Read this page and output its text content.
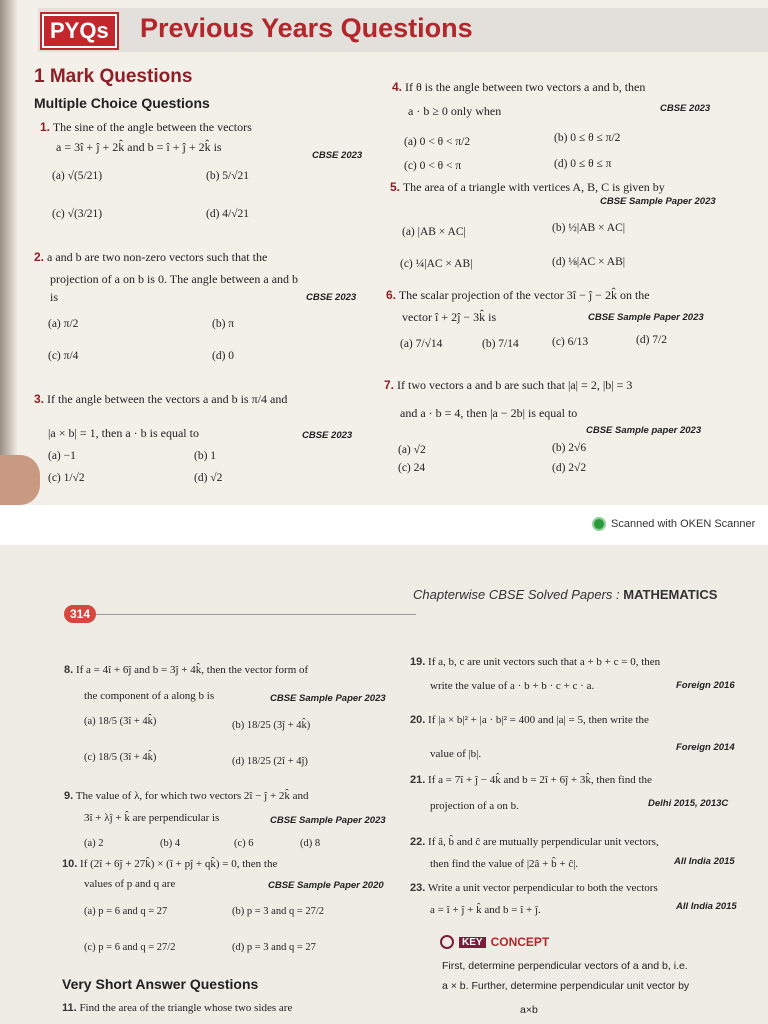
PYQs Previous Years Questions
1 Mark Questions
Multiple Choice Questions
1. The sine of the angle between the vectors
a = 3î + ĵ + 2k̂ and b = î + ĵ + 2k̂ is
CBSE 2023
(a) √(5/21)	(b) 5/√21
(c) √(3/21)	(d) 4/√21
2. a and b are two non-zero vectors such that the
projection of a on b is 0. The angle between a and b
is	CBSE 2023
(a) π/2	(b) π
(c) π/4	(d) 0
3. If the angle between the vectors a and b is π/4 and
|a × b| = 1, then a · b is equal to	CBSE 2023
(a) −1	(b) 1
(c) 1/√2	(d) √2
4. If θ is the angle between two vectors a and b, then
a · b ≥ 0 only when	CBSE 2023
(a) 0 < θ < π/2	(b) 0 ≤ θ ≤ π/2
(c) 0 < θ < π	(d) 0 ≤ θ ≤ π
5. The area of a triangle with vertices A, B, C is given by
CBSE Sample Paper 2023
(a) |AB × AC|	(b) ½|AB × AC|
(c) ¼|AC × AB|	(d) ⅛|AC × AB|
6. The scalar projection of the vector 3î − ĵ − 2k̂ on the
vector î + 2ĵ − 3k̂ is	CBSE Sample Paper 2023
(a) 7/√14	(b) 7/14	(c) 6/13	(d) 7/2
7. If two vectors a and b are such that |a| = 2, |b| = 3
and a · b = 4, then |a − 2b| is equal to
CBSE Sample paper 2023
(a) √2	(b) 2√6
(c) 24	(d) 2√2
Scanned with OKEN Scanner
Chapterwise CBSE Solved Papers : MATHEMATICS
314
8. If a = 4î + 6ĵ and b = 3ĵ + 4k̂, then the vector form of
the component of a along b is	CBSE Sample Paper 2023
(a) 18/5 (3î + 4k̂)	(b) 18/25 (3ĵ + 4k̂)
(c) 18/5 (3î + 4k̂)	(d) 18/25 (2î + 4ĵ)
9. The value of λ, for which two vectors 2î − ĵ + 2k̂ and
3î + λĵ + k̂ are perpendicular is	CBSE Sample Paper 2023
(a) 2	(b) 4	(c) 6	(d) 8
10. If (2î + 6ĵ + 27k̂) × (î + pĵ + qk̂) = 0, then the
values of p and q are	CBSE Sample Paper 2020
(a) p = 6 and q = 27	(b) p = 3 and q = 27/2
(c) p = 6 and q = 27/2	(d) p = 3 and q = 27
Very Short Answer Questions
11. Find the area of the triangle whose two sides are
19. If a, b, c are unit vectors such that a + b + c = 0, then
write the value of a · b + b · c + c · a.	Foreign 2016
20. If |a × b|² + |a · b|² = 400 and |a| = 5, then write the
value of |b|.
Foreign 2014
21. If a = 7î + ĵ − 4k̂ and b = 2î + 6ĵ + 3k̂, then find the
projection of a on b.	Delhi 2015, 2013C
22. If â, b̂ and ĉ are mutually perpendicular unit vectors,
then find the value of |2â + b̂ + ĉ|.	All India 2015
23. Write a unit vector perpendicular to both the vectors
a = î + ĵ + k̂ and b = î + ĵ.	All India 2015
KEY CONCEPT
First, determine perpendicular vectors of a and b, i.e.
a × b. Further, determine perpendicular unit vector by
a×b
